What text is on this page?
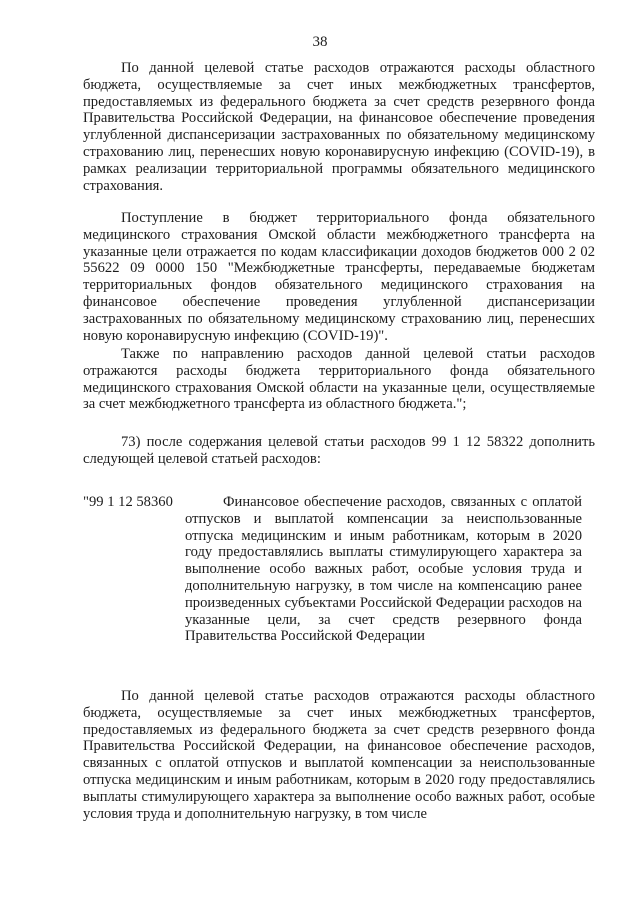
38

По данной целевой статье расходов отражаются расходы областного бюджета, осуществляемые за счет иных межбюджетных трансфертов, предоставляемых из федерального бюджета за счет средств резервного фонда Правительства Российской Федерации, на финансовое обеспечение проведения углубленной диспансеризации застрахованных по обязательному медицинскому страхованию лиц, перенесших новую коронавирусную инфекцию (COVID-19), в рамках реализации территориальной программы обязательного медицинского страхования.

Поступление в бюджет территориального фонда обязательного медицинского страхования Омской области межбюджетного трансферта на указанные цели отражается по кодам классификации доходов бюджетов 000 2 02 55622 09 0000 150 "Межбюджетные трансферты, передаваемые бюджетам территориальных фондов обязательного медицинского страхования на финансовое обеспечение проведения углубленной диспансеризации застрахованных по обязательному медицинскому страхованию лиц, перенесших новую коронавирусную инфекцию (COVID-19)".

Также по направлению расходов данной целевой статьи расходов отражаются расходы бюджета территориального фонда обязательного медицинского страхования Омской области на указанные цели, осуществляемые за счет межбюджетного трансферта из областного бюджета.";

73) после содержания целевой статьи расходов 99 1 12 58322 дополнить следующей целевой статьей расходов:

"99 1 12 58360	Финансовое обеспечение расходов, связанных с оплатой отпусков и выплатой компенсации за неиспользованные отпуска медицинским и иным работникам, которым в 2020 году предоставлялись выплаты стимулирующего характера за выполнение особо важных работ, особые условия труда и дополнительную нагрузку, в том числе на компенсацию ранее произведенных субъектами Российской Федерации расходов на указанные цели, за счет средств резервного фонда Правительства Российской Федерации

По данной целевой статье расходов отражаются расходы областного бюджета, осуществляемые за счет иных межбюджетных трансфертов, предоставляемых из федерального бюджета за счет средств резервного фонда Правительства Российской Федерации, на финансовое обеспечение расходов, связанных с оплатой отпусков и выплатой компенсации за неиспользованные отпуска медицинским и иным работникам, которым в 2020 году предоставлялись выплаты стимулирующего характера за выполнение особо важных работ, особые условия труда и дополнительную нагрузку, в том числе
